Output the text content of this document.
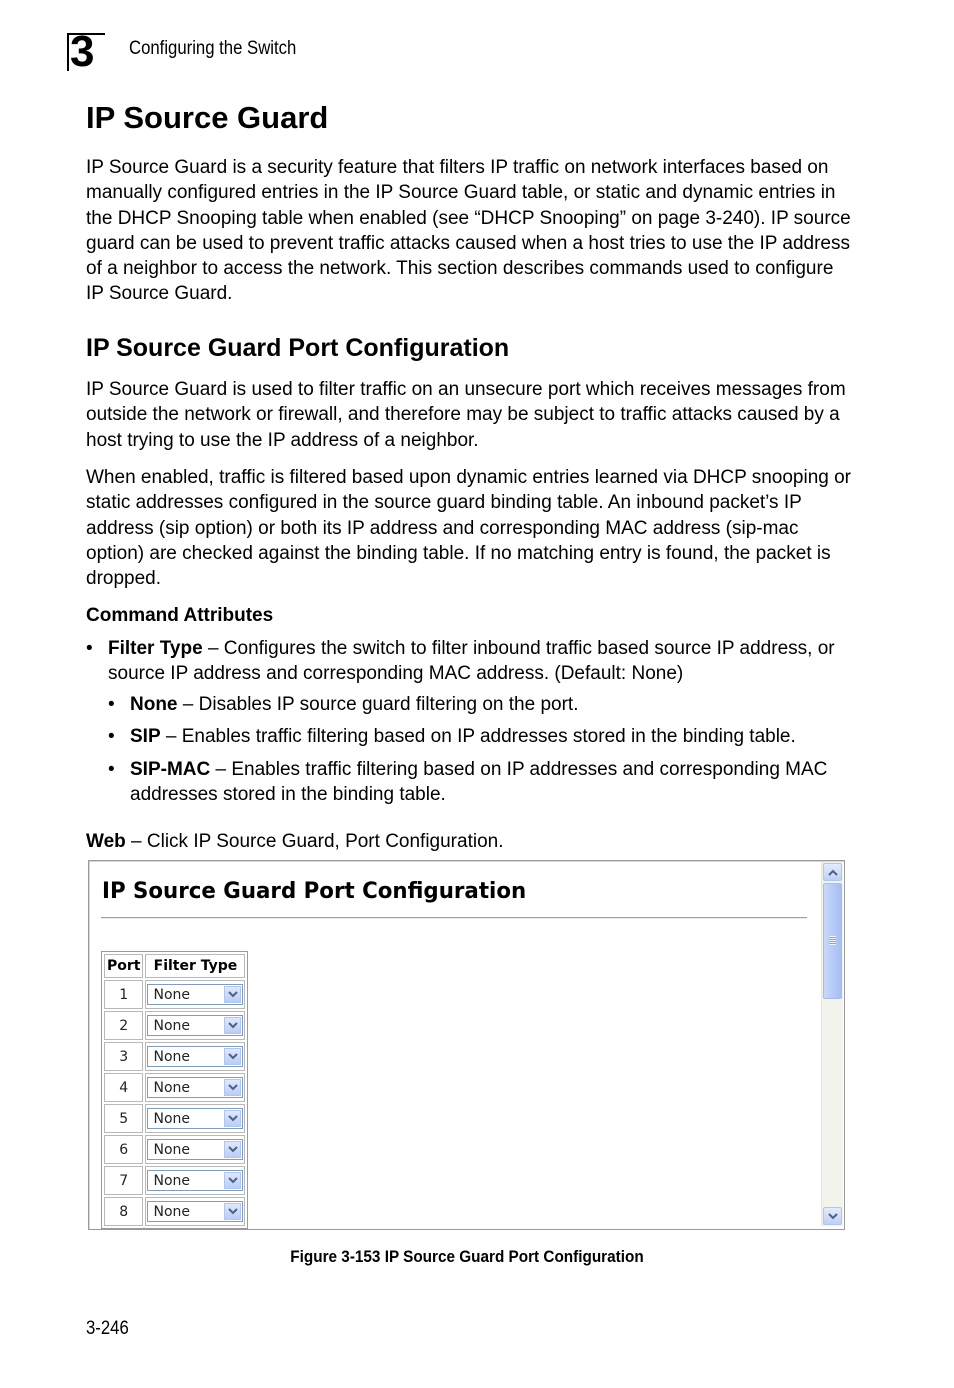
3 Configuring the Switch
IP Source Guard

IP Source Guard is a security feature that filters IP traffic on network interfaces based on manually configured entries in the IP Source Guard table, or static and dynamic entries in the DHCP Snooping table when enabled (see “DHCP Snooping” on page 3-240). IP source guard can be used to prevent traffic attacks caused when a host tries to use the IP address of a neighbor to access the network. This section describes commands used to configure IP Source Guard.

IP Source Guard Port Configuration

IP Source Guard is used to filter traffic on an unsecure port which receives messages from outside the network or firewall, and therefore may be subject to traffic attacks caused by a host trying to use the IP address of a neighbor.

When enabled, traffic is filtered based upon dynamic entries learned via DHCP snooping or static addresses configured in the source guard binding table. An inbound packet’s IP address (sip option) or both its IP address and corresponding MAC address (sip-mac option) are checked against the binding table. If no matching entry is found, the packet is dropped.

Command Attributes
• Filter Type – Configures the switch to filter inbound traffic based source IP address, or source IP address and corresponding MAC address. (Default: None)
• None – Disables IP source guard filtering on the port.
• SIP – Enables traffic filtering based on IP addresses stored in the binding table.
• SIP-MAC – Enables traffic filtering based on IP addresses and corresponding MAC addresses stored in the binding table.
Web – Click IP Source Guard, Port Configuration.
IP Source Guard Port Configuration
Port	Filter Type
1	None

2	None

3	None

4	None

5	None

6	None

7	None

8	None
Figure 3-153 IP Source Guard Port Configuration
3-246
